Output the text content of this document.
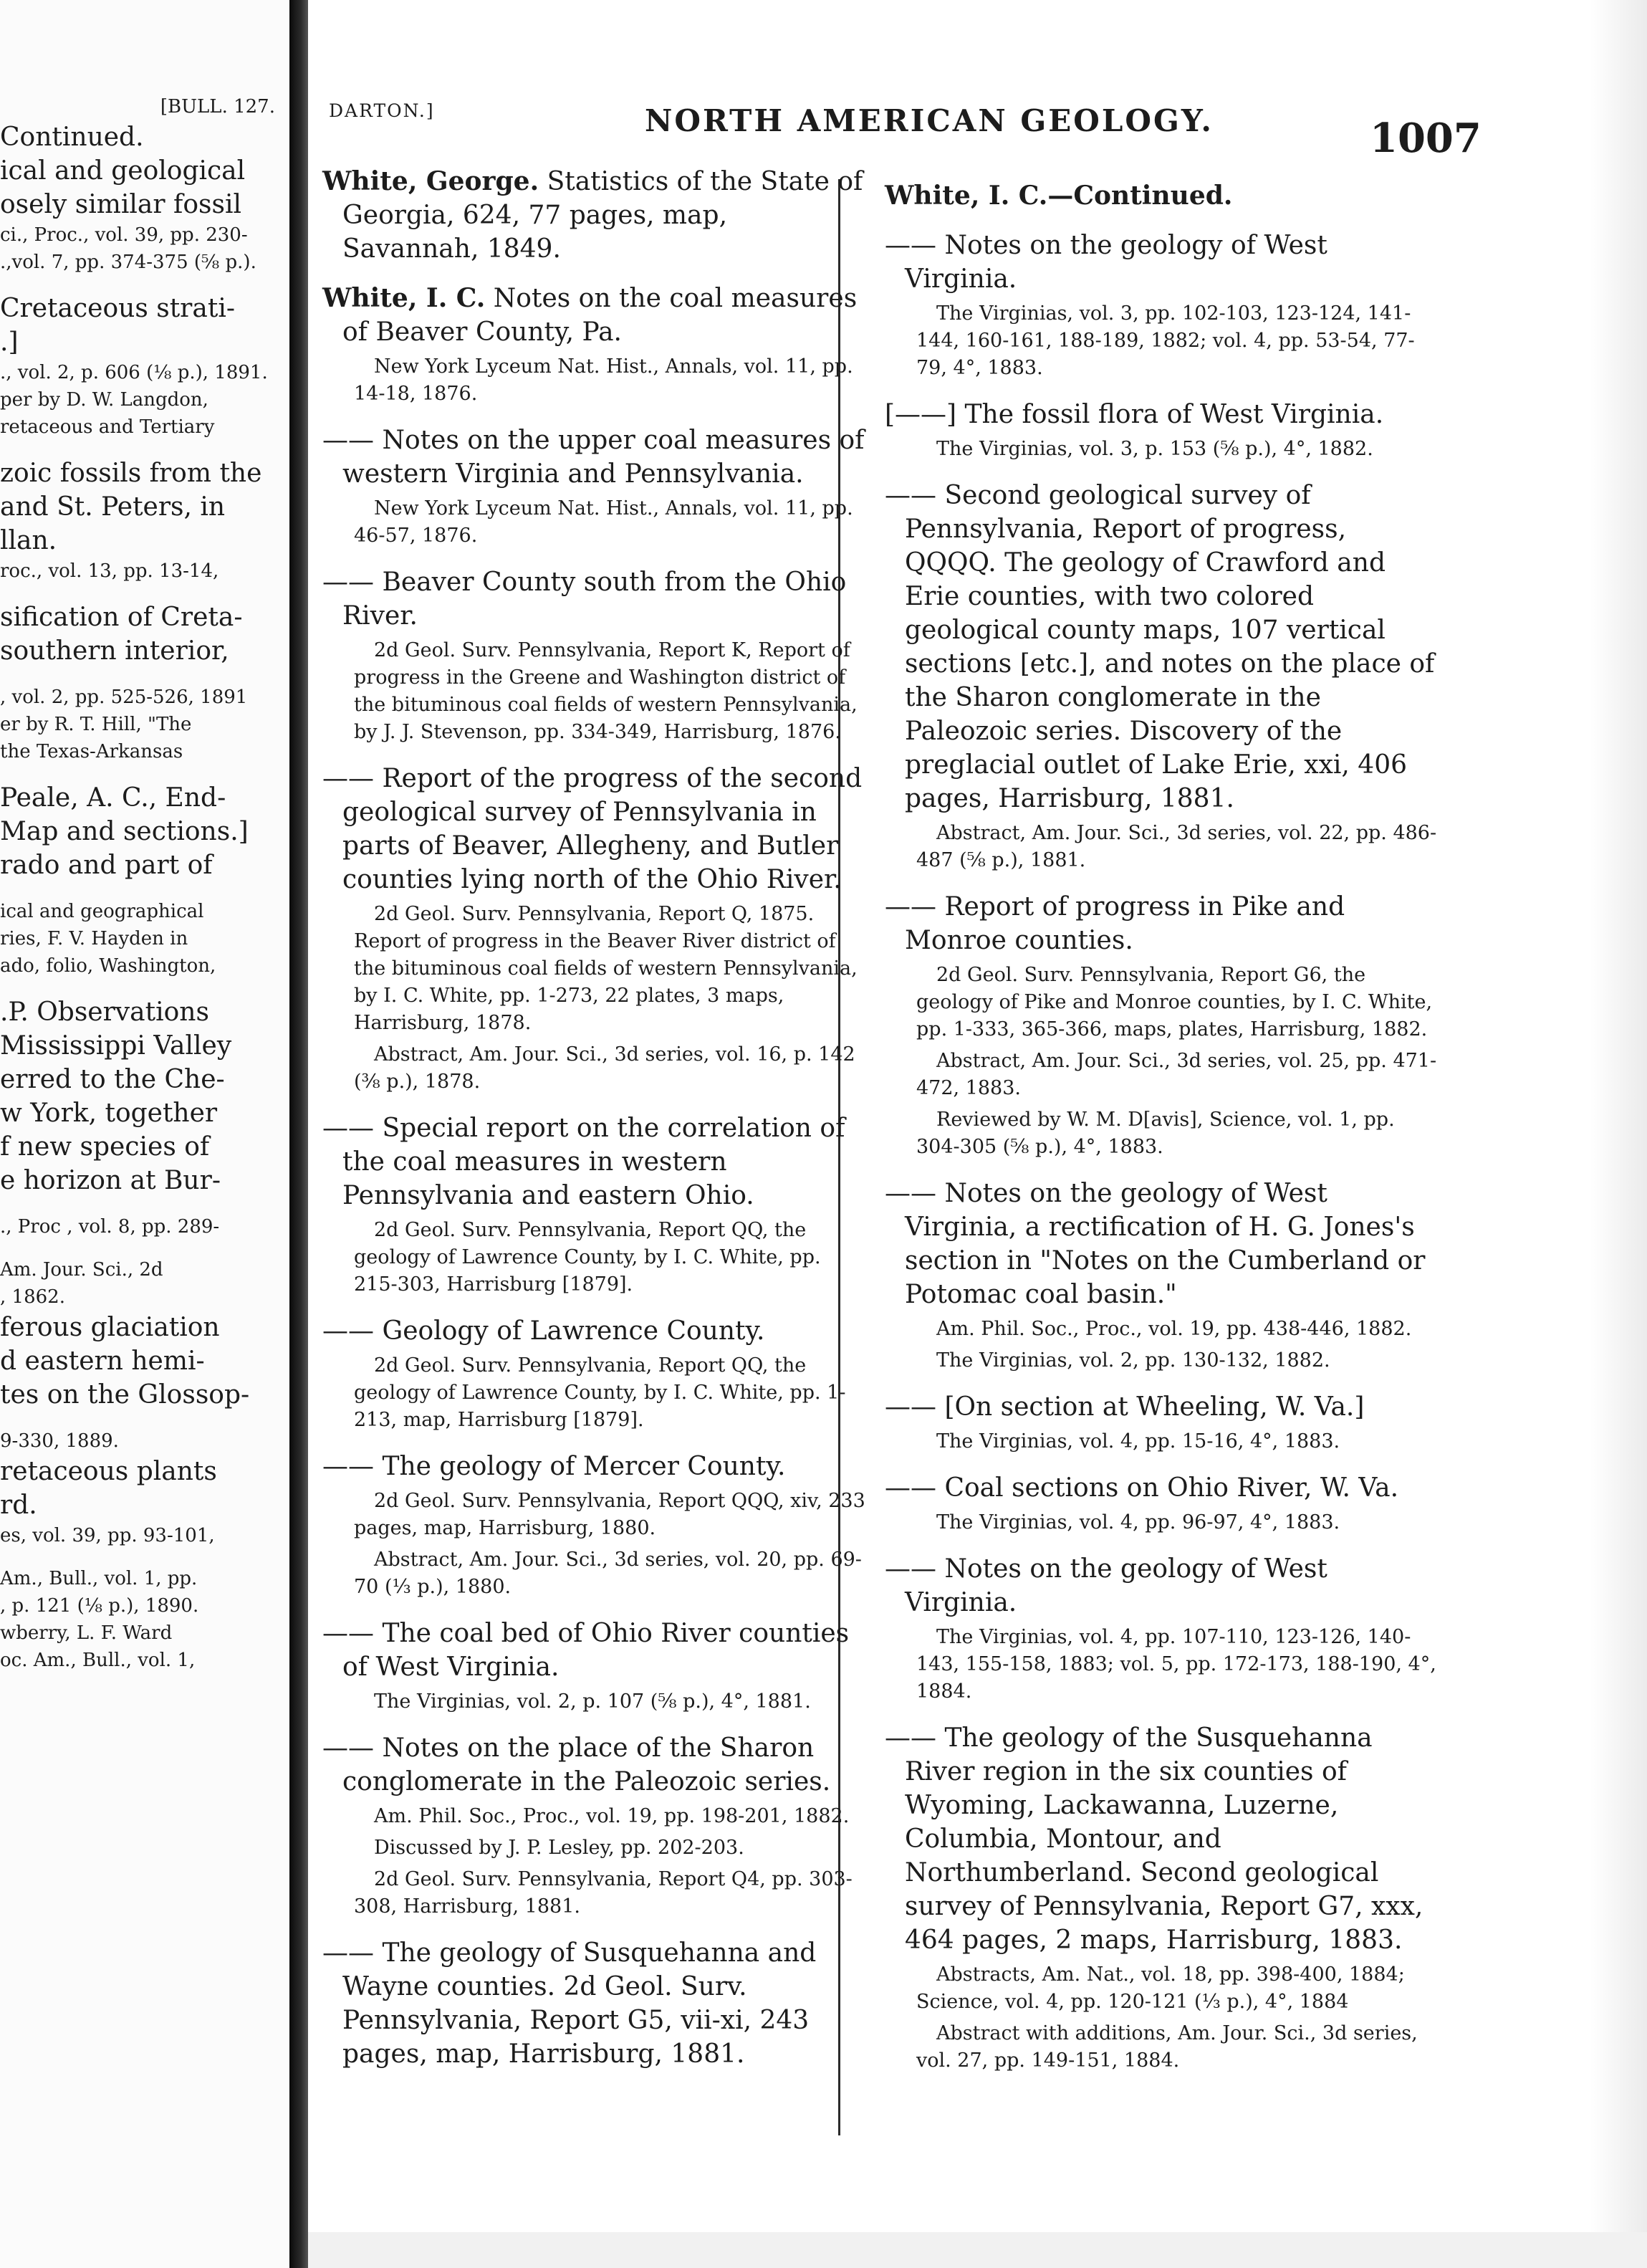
[BULL. 127.
Continued.
ical and geological
osely similar fossil
ci., Proc., vol. 39, pp. 230-
.,vol. 7, pp. 374-375 (⅝ p.).
Cretaceous strati-
.]
., vol. 2, p. 606 (⅛ p.), 1891.
per by D. W. Langdon,
retaceous and Tertiary
zoic fossils from the
and St. Peters, in
llan.
roc., vol. 13, pp. 13-14,
sification of Creta-
southern interior,
, vol. 2, pp. 525-526, 1891
er by R. T. Hill, "The
the Texas-Arkansas
Peale, A. C., End-
Map and sections.]
rado and part of
ical and geographical
ries, F. V. Hayden in
ado, folio, Washington,
.P. Observations
Mississippi Valley
erred to the Che-
w York, together
f new species of
e horizon at Bur-
., Proc , vol. 8, pp. 289-
Am. Jour. Sci., 2d
, 1862.
ferous glaciation
d eastern hemi-
tes on the Glossop-
9-330, 1889.
retaceous plants
rd.
es, vol. 39, pp. 93-101,
Am., Bull., vol. 1, pp.
, p. 121 (⅛ p.), 1890.
wberry, L. F. Ward
oc. Am., Bull., vol. 1,
DARTON.]	NORTH AMERICAN GEOLOGY.	1007

White, George. Statistics of the State of Georgia, 624, 77 pages, map, Savannah, 1849.

White, I. C. Notes on the coal measures of Beaver County, Pa.

New York Lyceum Nat. Hist., Annals, vol. 11, pp. 14-18, 1876.

—— Notes on the upper coal measures of western Virginia and Pennsylvania.

New York Lyceum Nat. Hist., Annals, vol. 11, pp. 46-57, 1876.

—— Beaver County south from the Ohio River.

2d Geol. Surv. Pennsylvania, Report K, Report of progress in the Greene and Washington district of the bituminous coal fields of western Pennsylvania, by J. J. Stevenson, pp. 334-349, Harrisburg, 1876.

—— Report of the progress of the second geological survey of Pennsylvania in parts of Beaver, Allegheny, and Butler counties lying north of the Ohio River.

2d Geol. Surv. Pennsylvania, Report Q, 1875. Report of progress in the Beaver River district of the bituminous coal fields of western Pennsylvania, by I. C. White, pp. 1-273, 22 plates, 3 maps, Harrisburg, 1878.

Abstract, Am. Jour. Sci., 3d series, vol. 16, p. 142 (⅜ p.), 1878.

—— Special report on the correlation of the coal measures in western Pennsylvania and eastern Ohio.

2d Geol. Surv. Pennsylvania, Report QQ, the geology of Lawrence County, by I. C. White, pp. 215-303, Harrisburg [1879].

—— Geology of Lawrence County.

2d Geol. Surv. Pennsylvania, Report QQ, the geology of Lawrence County, by I. C. White, pp. 1-213, map, Harrisburg [1879].

—— The geology of Mercer County.

2d Geol. Surv. Pennsylvania, Report QQQ, xiv, 233 pages, map, Harrisburg, 1880.

Abstract, Am. Jour. Sci., 3d series, vol. 20, pp. 69-70 (⅓ p.), 1880.

—— The coal bed of Ohio River counties of West Virginia.

The Virginias, vol. 2, p. 107 (⅝ p.), 4°, 1881.

—— Notes on the place of the Sharon conglomerate in the Paleozoic series.

Am. Phil. Soc., Proc., vol. 19, pp. 198-201, 1882.

Discussed by J. P. Lesley, pp. 202-203.

2d Geol. Surv. Pennsylvania, Report Q4, pp. 303-308, Harrisburg, 1881.

—— The geology of Susquehanna and Wayne counties. 2d Geol. Surv. Pennsylvania, Report G5, vii-xi, 243 pages, map, Harrisburg, 1881.

White, I. C.—Continued.

—— Notes on the geology of West Virginia.

The Virginias, vol. 3, pp. 102-103, 123-124, 141-144, 160-161, 188-189, 1882; vol. 4, pp. 53-54, 77-79, 4°, 1883.

[——] The fossil flora of West Virginia.

The Virginias, vol. 3, p. 153 (⅝ p.), 4°, 1882.

—— Second geological survey of Pennsylvania, Report of progress, QQQQ. The geology of Crawford and Erie counties, with two colored geological county maps, 107 vertical sections [etc.], and notes on the place of the Sharon conglomerate in the Paleozoic series. Discovery of the preglacial outlet of Lake Erie, xxi, 406 pages, Harrisburg, 1881.

Abstract, Am. Jour. Sci., 3d series, vol. 22, pp. 486-487 (⅝ p.), 1881.

—— Report of progress in Pike and Monroe counties.

2d Geol. Surv. Pennsylvania, Report G6, the geology of Pike and Monroe counties, by I. C. White, pp. 1-333, 365-366, maps, plates, Harrisburg, 1882.

Abstract, Am. Jour. Sci., 3d series, vol. 25, pp. 471-472, 1883.

Reviewed by W. M. D[avis], Science, vol. 1, pp. 304-305 (⅝ p.), 4°, 1883.

—— Notes on the geology of West Virginia, a rectification of H. G. Jones's section in "Notes on the Cumberland or Potomac coal basin."

Am. Phil. Soc., Proc., vol. 19, pp. 438-446, 1882.

The Virginias, vol. 2, pp. 130-132, 1882.

—— [On section at Wheeling, W. Va.]

The Virginias, vol. 4, pp. 15-16, 4°, 1883.

—— Coal sections on Ohio River, W. Va.

The Virginias, vol. 4, pp. 96-97, 4°, 1883.

—— Notes on the geology of West Virginia.

The Virginias, vol. 4, pp. 107-110, 123-126, 140-143, 155-158, 1883; vol. 5, pp. 172-173, 188-190, 4°, 1884.

—— The geology of the Susquehanna River region in the six counties of Wyoming, Lackawanna, Luzerne, Columbia, Montour, and Northumberland. Second geological survey of Pennsylvania, Report G7, xxx, 464 pages, 2 maps, Harrisburg, 1883.

Abstracts, Am. Nat., vol. 18, pp. 398-400, 1884; Science, vol. 4, pp. 120-121 (⅓ p.), 4°, 1884

Abstract with additions, Am. Jour. Sci., 3d series, vol. 27, pp. 149-151, 1884.
